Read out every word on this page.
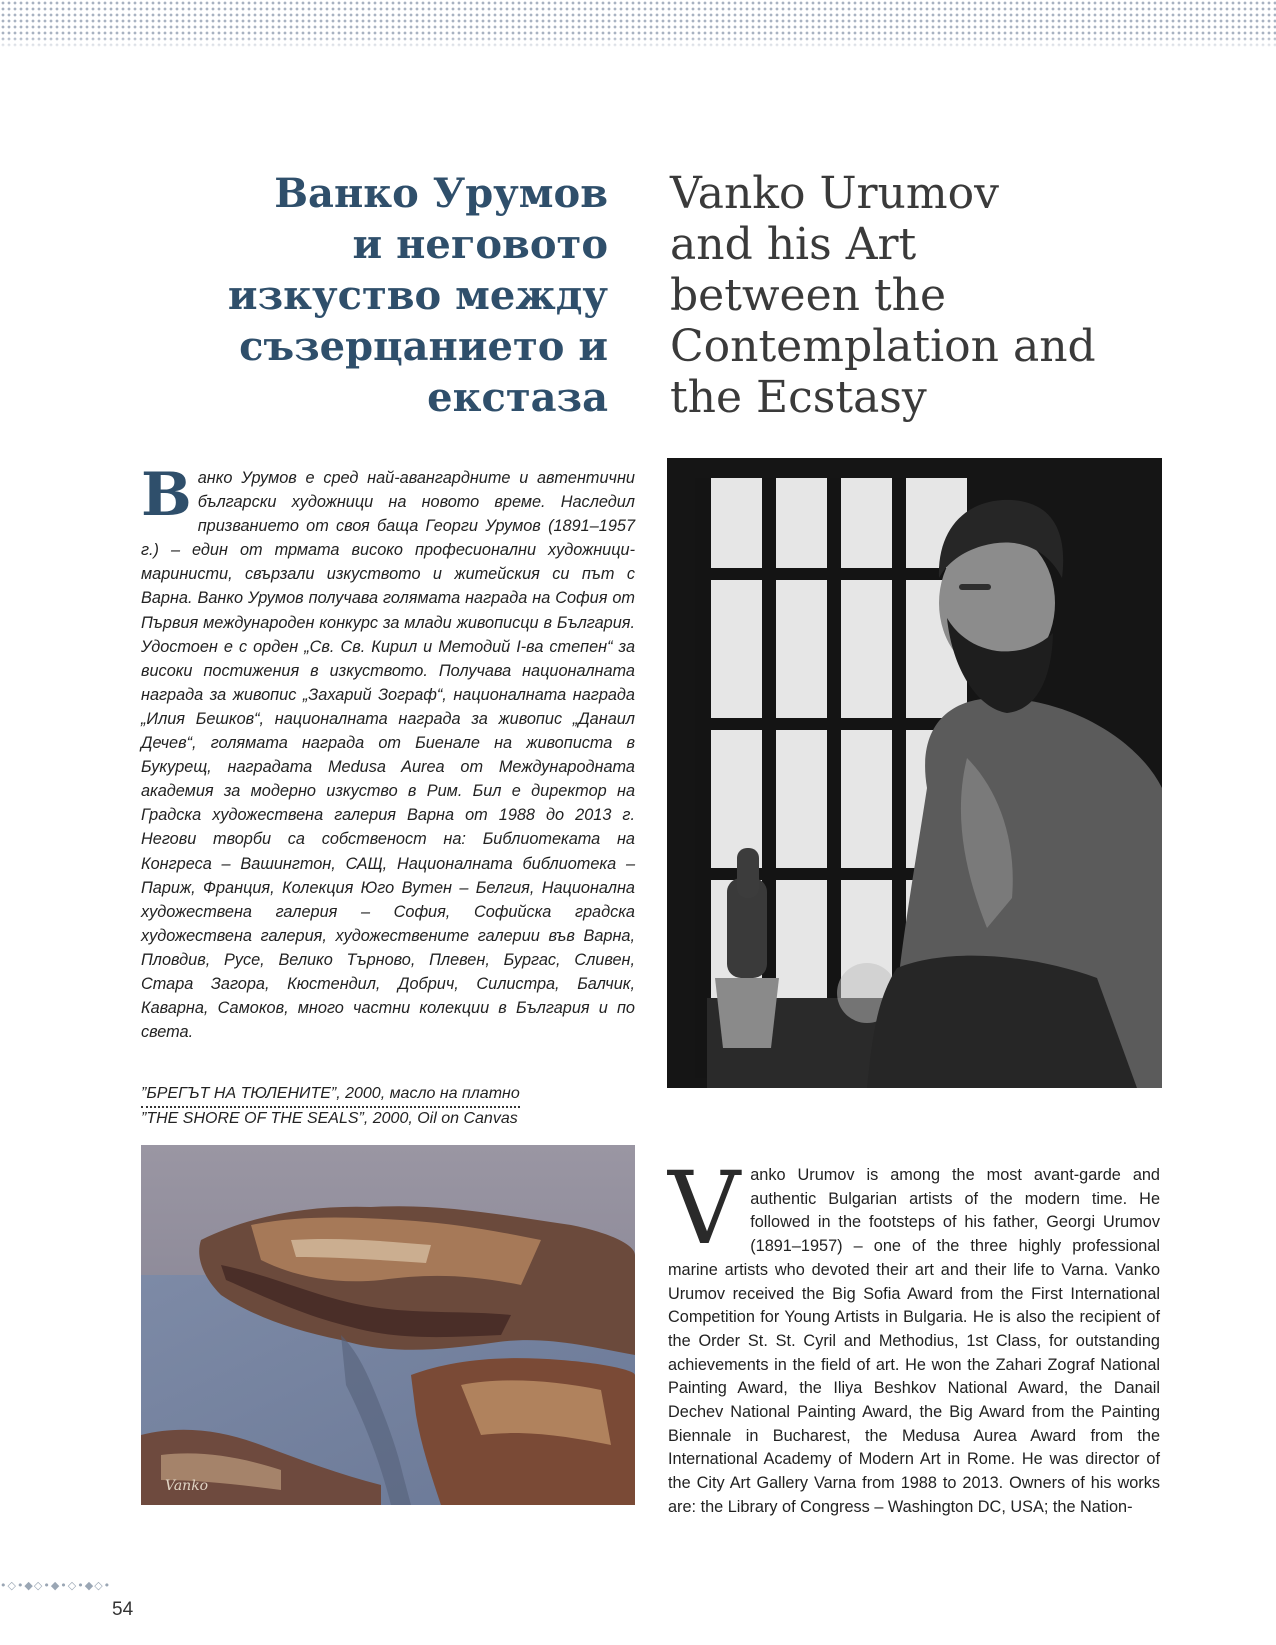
Ванко Урумов
и неговото
изкуство между
съзерцанието и
екстаза
Vanko Urumov
and his Art
between the
Contemplation and
the Ecstasy

Ванко Урумов е сред най-авангардните и автентични български художници на новото време. Наследил призванието от своя баща Георги Урумов (1891–1957 г.) – един от трмата високо професионални художници-маринисти, свързали изкуството и житейския си път с Варна. Ванко Урумов получава голямата награда на София от Първия международен конкурс за млади живописци в България. Удостоен е с орден „Св. Св. Кирил и Методий I-ва степен“ за високи постижения в изкуството. Получава националната награда за живопис „Захарий Зограф“, националната награда „Илия Бешков“, националната награда за живопис „Данаил Дечев“, голямата награда от Биенале на живописта в Букурещ, наградата Medusa Aurea от Международната академия за модерно изкуство в Рим. Бил е директор на Градска художествена галерия Варна от 1988 до 2013 г. Негови творби са собственост на: Библиотеката на Конгреса – Вашингтон, САЩ, Националната библиотека – Париж, Франция, Колекция Юго Вутен – Белгия, Национална художествена галерия – София, Софийска градска художествена галерия, художествените галерии във Варна, Пловдив, Русе, Велико Търново, Плевен, Бургас, Сливен, Стара Загора, Кюстендил, Добрич, Силистра, Балчик, Каварна, Самоков, много частни колекции в България и по света.

”БРЕГЪТ НА ТЮЛЕНИТЕ”, 2000, масло на платно
”THE SHORE OF THE SEALS”, 2000, Oil on Canvas
Vanko

Vanko Urumov is among the most avant-garde and authentic Bulgarian artists of the modern time. He followed in the footsteps of his father, Georgi Urumov (1891–1957) – one of the three highly professional marine artists who devoted their art and their life to Varna. Vanko Urumov received the Big Sofia Award from the First International Competition for Young Artists in Bulgaria. He is also the recipient of the Order St. St. Cyril and Methodius, 1st Class, for outstanding achievements in the field of art. He won the Zahari Zograf National Painting Award, the Iliya Beshkov National Award, the Danail Dechev National Painting Award, the Big Award from the Painting Biennale in Bucharest, the Medusa Aurea Award from the International Academy of Modern Art in Rome. He was director of the City Art Gallery Varna from 1988 to 2013. Owners of his works are: the Library of Congress – Washington DC, USA; the Nation-

•◇•◆◇•◆•◇•◆◇•
54
